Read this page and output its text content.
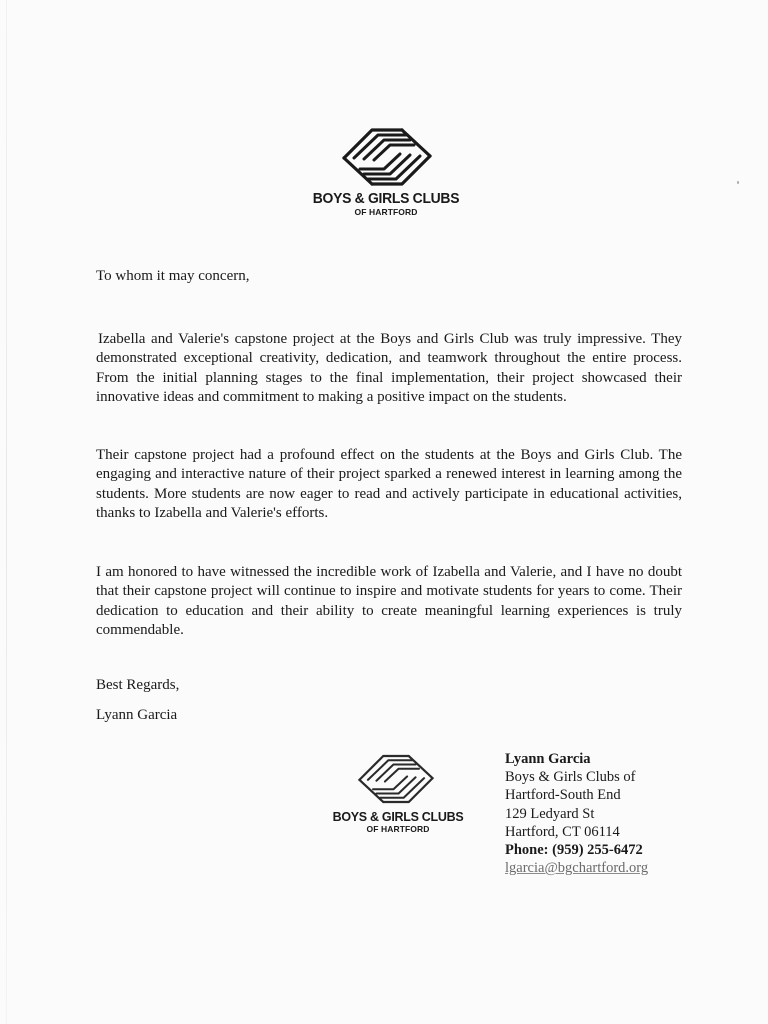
BOYS & GIRLS CLUBS
OF HARTFORD
To whom it may concern,

Izabella and Valerie's capstone project at the Boys and Girls Club was truly impressive. They demonstrated exceptional creativity, dedication, and teamwork throughout the entire process. From the initial planning stages to the final implementation, their project showcased their innovative ideas and commitment to making a positive impact on the students.

Their capstone project had a profound effect on the students at the Boys and Girls Club. The engaging and interactive nature of their project sparked a renewed interest in learning among the students. More students are now eager to read and actively participate in educational activities, thanks to Izabella and Valerie's efforts.

I am honored to have witnessed the incredible work of Izabella and Valerie, and I have no doubt that their capstone project will continue to inspire and motivate students for years to come. Their dedication to education and their ability to create meaningful learning experiences is truly commendable.

Best Regards,
Lyann Garcia
BOYS & GIRLS CLUBS
OF HARTFORD
Lyann Garcia
Boys & Girls Clubs of
Hartford-South End
129 Ledyard St
Hartford, CT 06114
Phone: (959) 255-6472
lgarcia@bgchartford.org
